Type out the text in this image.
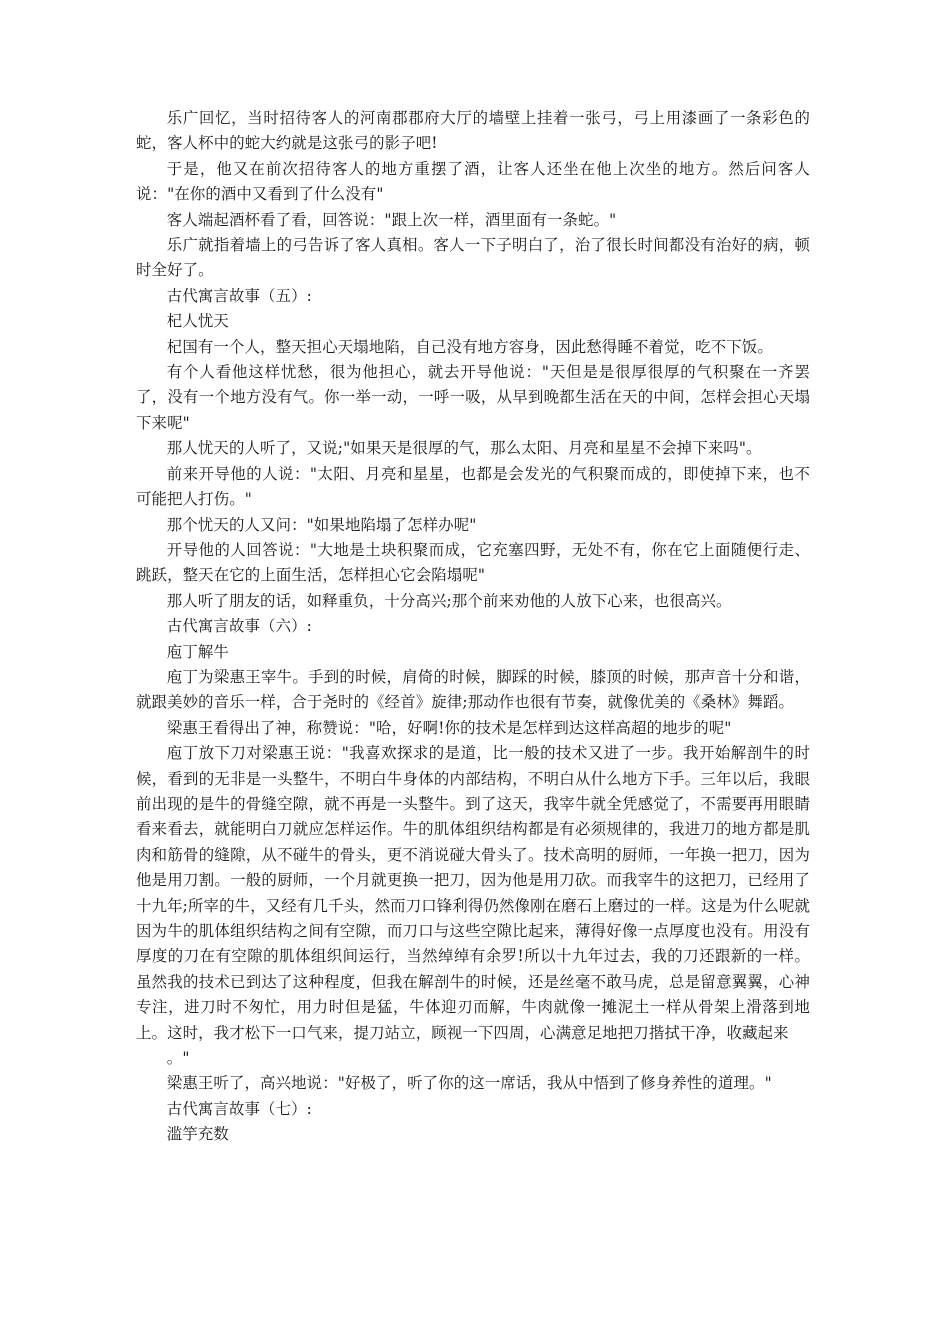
乐广回忆，当时招待客人的河南郡郡府大厅的墙壁上挂着一张弓，弓上用漆画了一条彩色的蛇，客人杯中的蛇大约就是这张弓的影子吧!

于是，他又在前次招待客人的地方重摆了酒，让客人还坐在他上次坐的地方。然后问客人说："在你的酒中又看到了什么没有"

客人端起酒杯看了看，回答说："跟上次一样，酒里面有一条蛇。"

乐广就指着墙上的弓告诉了客人真相。客人一下子明白了，治了很长时间都没有治好的病，顿时全好了。

古代寓言故事（五）:

杞人忧天

杞国有一个人，整天担心天塌地陷，自己没有地方容身，因此愁得睡不着觉，吃不下饭。

有个人看他这样忧愁，很为他担心，就去开导他说："天但是是很厚很厚的气积聚在一齐罢了，没有一个地方没有气。你一举一动，一呼一吸，从早到晚都生活在天的中间，怎样会担心天塌下来呢"

那人忧天的人听了，又说;"如果天是很厚的气，那么太阳、月亮和星星不会掉下来吗"。

前来开导他的人说："太阳、月亮和星星，也都是会发光的气积聚而成的，即使掉下来，也不可能把人打伤。"

那个忧天的人又问："如果地陷塌了怎样办呢"

开导他的人回答说："大地是土块积聚而成，它充塞四野，无处不有，你在它上面随便行走、跳跃，整天在它的上面生活，怎样担心它会陷塌呢"

那人听了朋友的话，如释重负，十分高兴;那个前来劝他的人放下心来，也很高兴。

古代寓言故事（六）:

庖丁解牛

庖丁为梁惠王宰牛。手到的时候，肩倚的时候，脚踩的时候，膝顶的时候，那声音十分和谐，就跟美妙的音乐一样，合于尧时的《经首》旋律;那动作也很有节奏，就像优美的《桑林》舞蹈。

梁惠王看得出了神，称赞说："哈，好啊!你的技术是怎样到达这样高超的地步的呢"

庖丁放下刀对梁惠王说："我喜欢探求的是道，比一般的技术又进了一步。我开始解剖牛的时候，看到的无非是一头整牛，不明白牛身体的内部结构，不明白从什么地方下手。三年以后，我眼前出现的是牛的骨缝空隙，就不再是一头整牛。到了这天，我宰牛就全凭感觉了，不需要再用眼睛看来看去，就能明白刀就应怎样运作。牛的肌体组织结构都是有必须规律的，我进刀的地方都是肌肉和筋骨的缝隙，从不碰牛的骨头，更不消说碰大骨头了。技术高明的厨师，一年换一把刀，因为他是用刀割。一般的厨师，一个月就更换一把刀，因为他是用刀砍。而我宰牛的这把刀，已经用了十九年;所宰的牛，又经有几千头，然而刀口锋利得仍然像刚在磨石上磨过的一样。这是为什么呢就因为牛的肌体组织结构之间有空隙，而刀口与这些空隙比起来，薄得好像一点厚度也没有。用没有厚度的刀在有空隙的肌体组织间运行，当然绰绰有余罗!所以十九年过去，我的刀还跟新的一样。虽然我的技术已到达了这种程度，但我在解剖牛的时候，还是丝毫不敢马虎，总是留意翼翼，心神专注，进刀时不匆忙，用力时但是猛，牛体迎刃而解，牛肉就像一摊泥土一样从骨架上滑落到地上。这时，我才松下一口气来，提刀站立，顾视一下四周，心满意足地把刀揩拭干净，收藏起来

。"

梁惠王听了，高兴地说："好极了，听了你的这一席话，我从中悟到了修身养性的道理。"

古代寓言故事（七）:

滥竽充数
